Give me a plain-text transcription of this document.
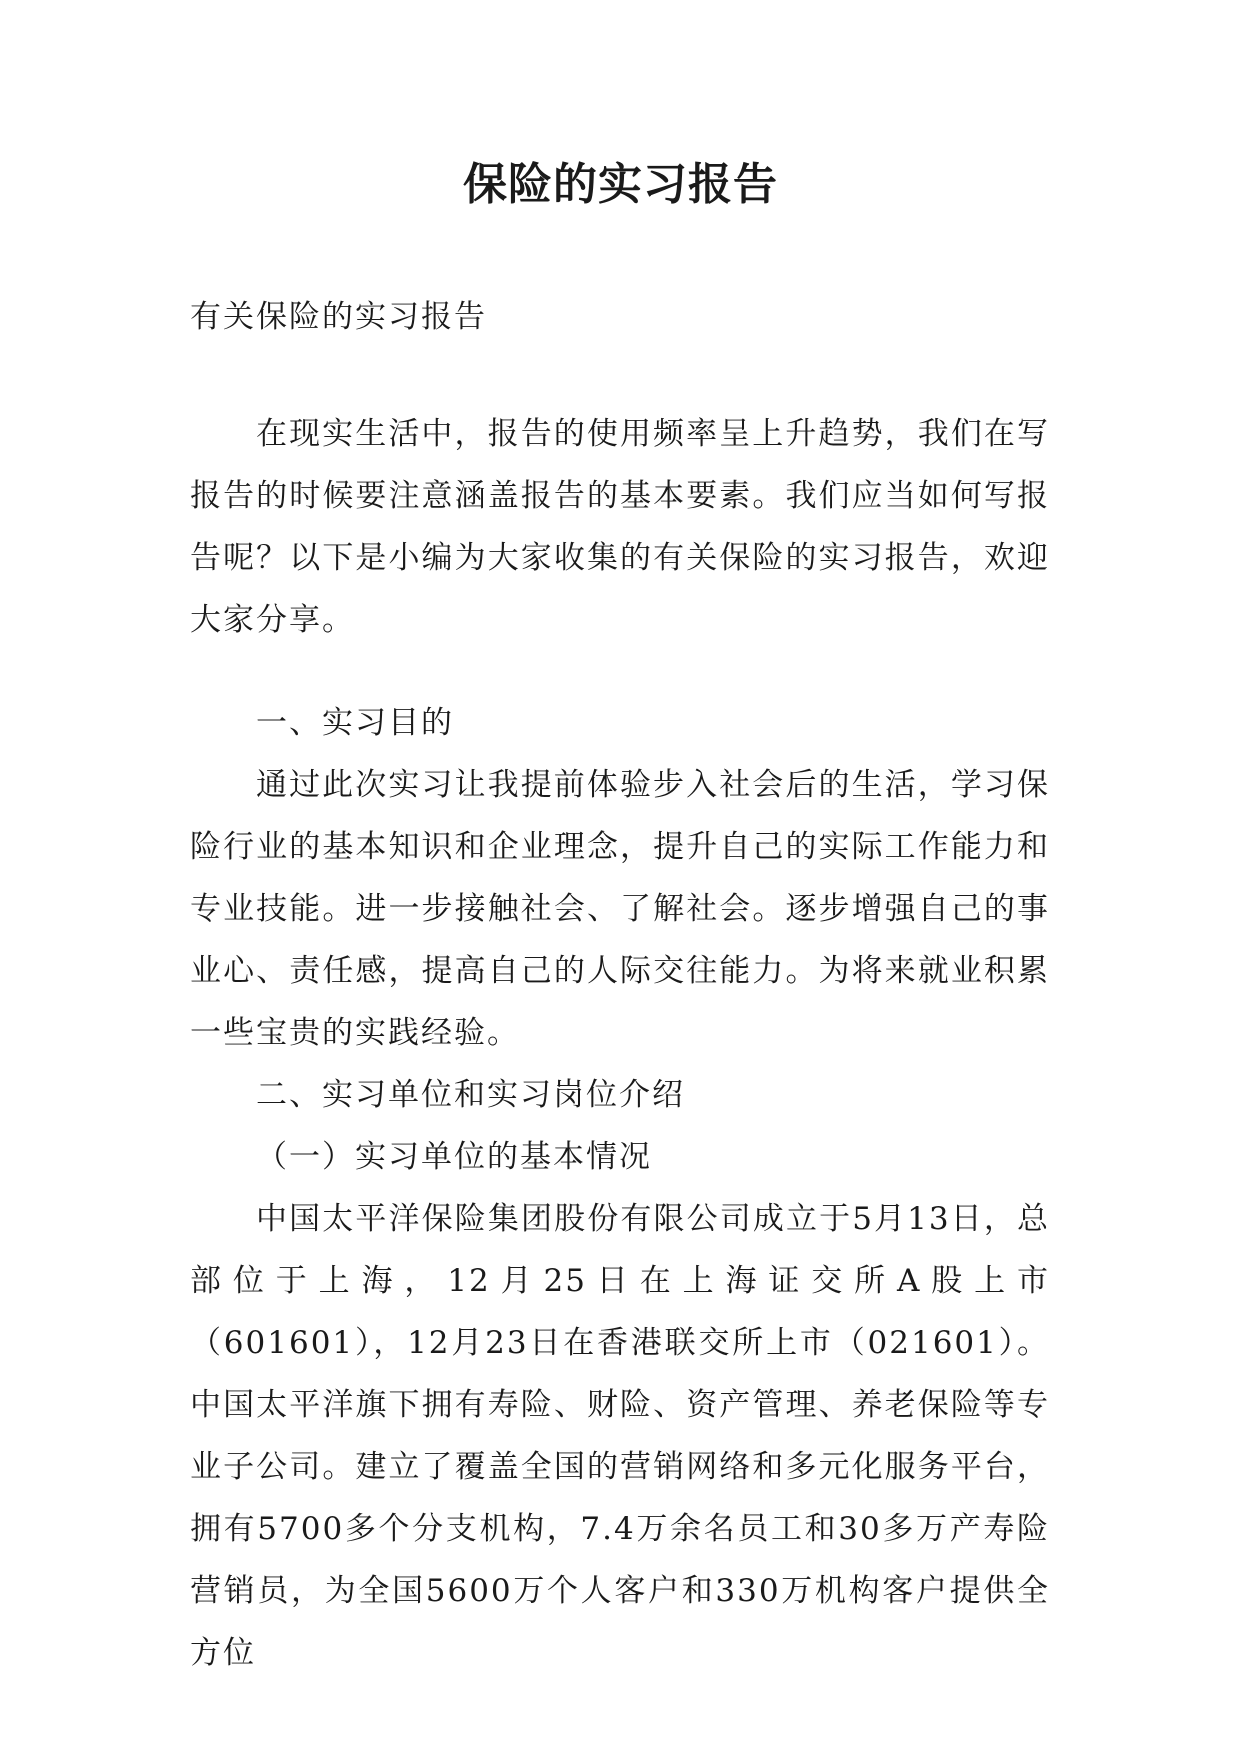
保险的实习报告
有关保险的实习报告

在现实生活中，报告的使用频率呈上升趋势，我们在写报告的时候要注意涵盖报告的基本要素。我们应当如何写报告呢？以下是小编为大家收集的有关保险的实习报告，欢迎大家分享。

一、实习目的

通过此次实习让我提前体验步入社会后的生活，学习保险行业的基本知识和企业理念，提升自己的实际工作能力和专业技能。进一步接触社会、了解社会。逐步增强自己的事业心、责任感，提高自己的人际交往能力。为将来就业积累一些宝贵的实践经验。

二、实习单位和实习岗位介绍

（一）实习单位的基本情况

中国太平洋保险集团股份有限公司成立于5月13日，总部位于上海，12月25日在上海证交所A股上市（601601），12月23日在香港联交所上市（021601）。中国太平洋旗下拥有寿险、财险、资产管理、养老保险等专业子公司。建立了覆盖全国的营销网络和多元化服务平台，拥有5700多个分支机构，7.4万余名员工和30多万产寿险营销员，为全国5600万个人客户和330万机构客户提供全方位
